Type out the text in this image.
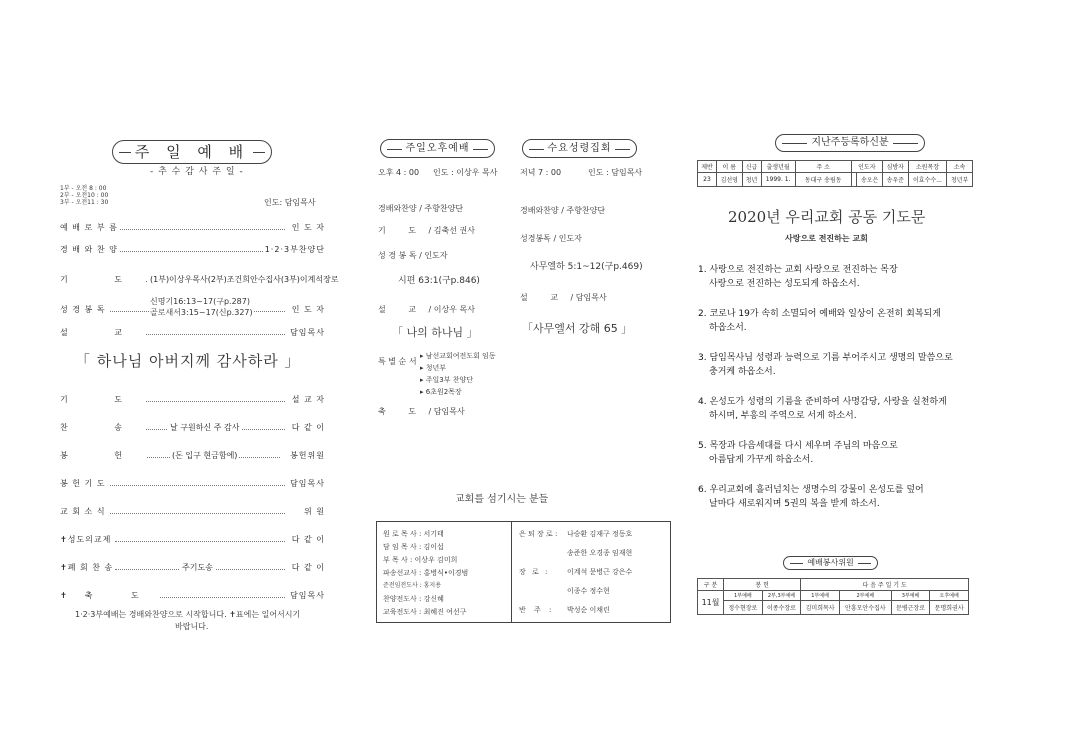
주 일 예 배
- 추 수 감 사 주 일 -
1부 - 오전 8 : 00
2부 - 오전10 : 00
3부 - 오전11 : 30	인도: 담임목사
예 배 로 부 름	인 도 자
경 배 와 찬 양	1·2·3부찬양단
기 도 (1부)이상우목사(2부)조건희안수집사(3부)이계석장로
성 경 봉 독	인 도 자
신명기16:13~17(구p.287)
골로새서3:15~17(신p.327)
설 교	담임목사
「 하나님 아버지께 감사하라 」
기 도	설 교 자
찬 송	날 구원하신 주 감사	다 같 이
봉 헌	(돈 입구 현금함에)	봉헌위원
봉 헌 기 도	담임목사
교 회 소 식	위 원
✝성도의교제	다 같 이
✝폐 회 찬 송	주기도송	다 같 이
✝축 도	담임목사
1·2·3부예배는 경배와찬양으로 시작합니다. ✝표에는 일어서시기
바랍니다.
주일오후예배	수요성령집회
오후 4 : 00 인도 : 이상우 목사	저녁 7 : 00	인도 : 담임목사
경배와찬양 / 주향찬양단
기 도 / 김축선 권사
성 경 봉 독 / 인도자
시편 63:1(구p.846)
설 교 / 이상우 목사
「 나의 하나님 」
특 별 순 서
▸ 남선교회여전도회 임동
▸ 청년부
▸ 주일3부 찬양단
▸ 6초원2목장
축 도 / 담임목사
경배와찬양 / 주향찬양단
성경봉독 / 인도자
사무엘하 5:1~12(구p.469)
설 교 / 담임목사
「사무엘서 강해 65 」
교회를 섬기시는 분들
원 로 목 사 : 서기태
담 임 목 사 : 김이섭
부 목 사 : 이상우 김미희
파송선교사 : 홍병식•이경범
준전임전도사 : 홍지용
찬양전도사 : 강신혜
교육전도사 : 최혜진 여선구
은 퇴 장 로 : 나승환 김재구 정동호
송준한 오경종 임재현
장 로 :	이계석 문병근 강은수
이종수 정수현
반 주 : 박성순 이채린
지난주등록하신분
제반	이 름	신급	출생년월	주 소	인도자		심방자	소원목장	소속
23	김선영	청년	1999. 1.	동대구 송림동		송오은	송우준	이효수수...	청년부
2020년 우리교회 공동 기도문
사랑으로 전진하는 교회
1. 사랑으로 전진하는 교회 사랑으로 전진하는 목장
사랑으로 전진하는 성도되게 하옵소서.
2. 코로나 19가 속히 소멸되어 예배와 일상이 온전히 회복되게
하옵소서.
3. 담임목사님 성령과 능력으로 기름 부어주시고 생명의 말씀으로
충거케 하옵소서.
4. 온성도가 성령의 기름을 준비하여 사명감당, 사랑을 실천하게
하시며, 부흥의 주역으로 서게 하소서.
5. 목장과 다음세대를 다시 세우며 주님의 마음으로
아름답게 가꾸게 하옵소서.
6. 우리교회에 흘러넘치는 생명수의 강물이 온성도를 덮어
날마다 새로워지며 5권의 복을 받게 하소서.
예배봉사위원
구 분	봉 헌		다 음 주 일 기 도			
11월	1부예배	2부,3부예배	1부예배	2부예배	3부예배	오후예배
	정수현장로	이종수장로	김미희목사	안흥모안수집사	문병근장로	문명희권사
